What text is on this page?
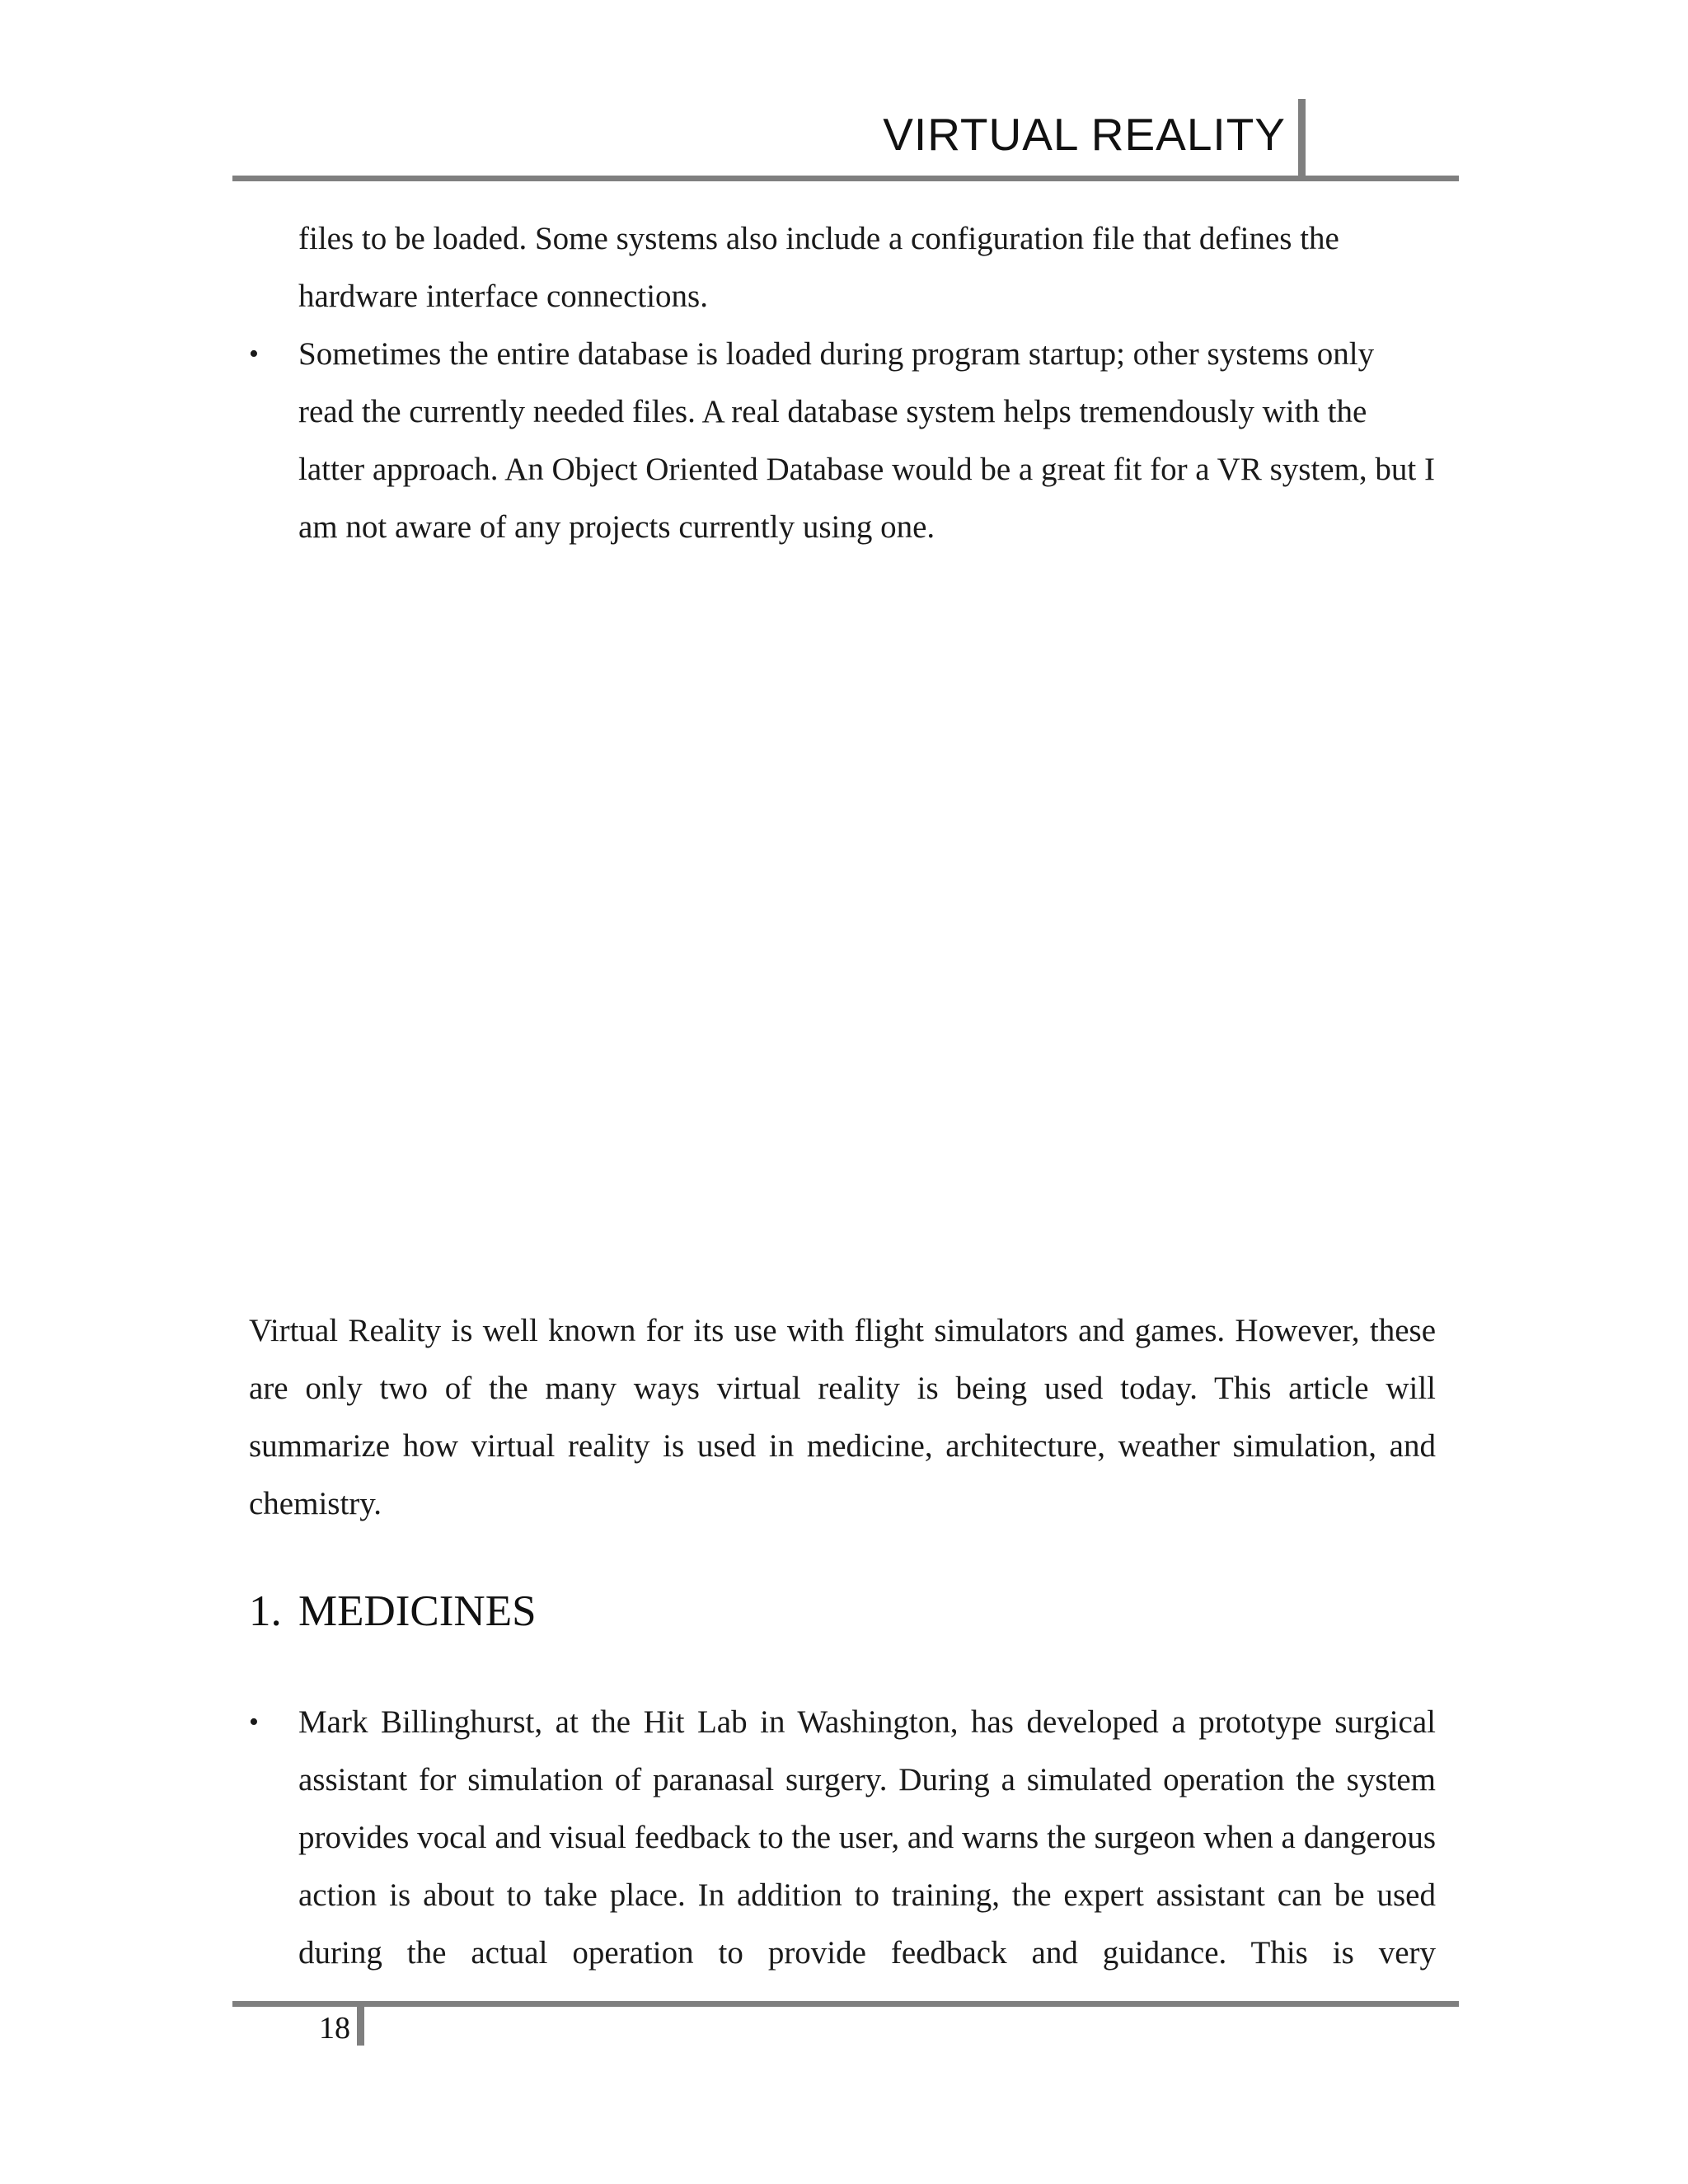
VIRTUAL REALITY
files to be loaded. Some systems also include a configuration file that defines the hardware interface connections.
•	Sometimes the entire database is loaded during program startup; other systems only read the currently needed files. A real database system helps tremendously with the latter approach. An Object Oriented Database would be a great fit for a VR system, but I am not aware of any projects currently using one.
Virtual Reality is well known for its use with flight simulators and games. However, these are only two of the many ways virtual reality is being used today. This article will summarize how virtual reality is used in medicine, architecture, weather simulation, and chemistry.
1. MEDICINES
•	Mark Billinghurst, at the Hit Lab in Washington, has developed a prototype surgical assistant for simulation of paranasal surgery. During a simulated operation the system provides vocal and visual feedback to the user, and warns the surgeon when a dangerous action is about to take place. In addition to training, the expert assistant can be used during the actual operation to provide feedback and guidance. This is very
18
